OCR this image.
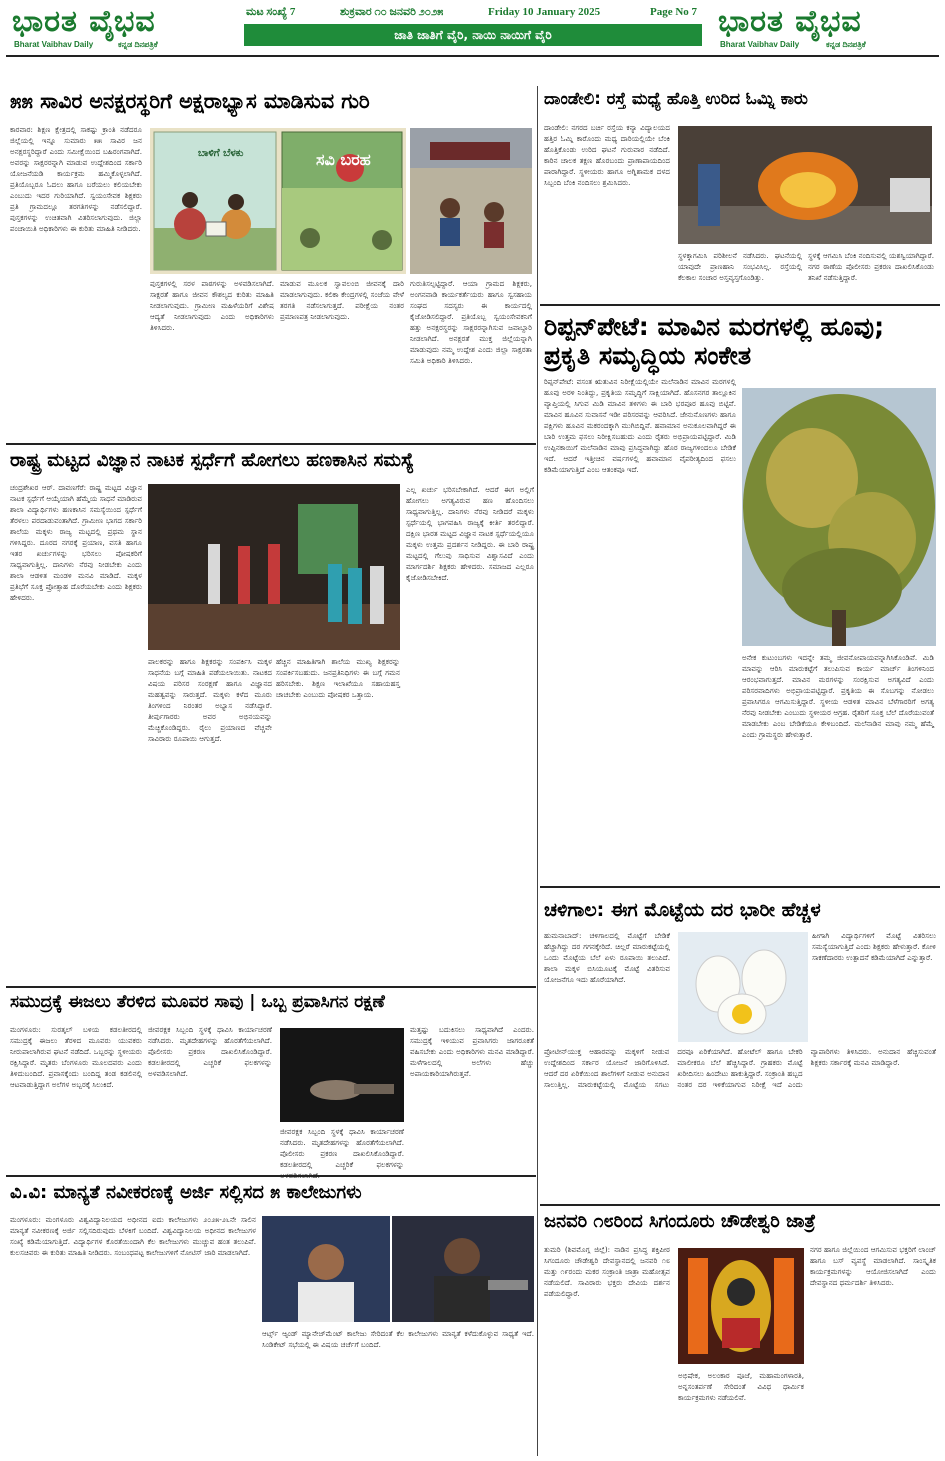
ಭಾರತ ವೈಭವ
Bharat Vaibhav Daily	ಕನ್ನಡ ದಿನಪತ್ರಿಕೆ
ಭಾರತ ವೈಭವ
Bharat Vaibhav Daily	ಕನ್ನಡ ದಿನಪತ್ರಿಕೆ
ಮಟ ಸಂಖ್ಯೆ 7	ಶುಕ್ರವಾರ ೧೦ ಜನವರಿ ೨೦೨೫	Friday 10 January 2025	Page No 7
ಜಾತಿ ಜಾತಿಗೆ ವೈರಿ, ನಾಯಿ ನಾಯಿಗೆ ವೈರಿ
೫೫ ಸಾವಿರ ಅನಕ್ಷರಸ್ಥರಿಗೆ ಅಕ್ಷರಾಭ್ಯಾಸ ಮಾಡಿಸುವ ಗುರಿ
ಕಾರವಾರ: ಶಿಕ್ಷಣ ಕ್ಷೇತ್ರದಲ್ಲಿ ಸಾಕಷ್ಟು ಕ್ರಾಂತಿ ನಡೆದರೂ ಜಿಲ್ಲೆಯಲ್ಲಿ ಇನ್ನೂ ಸುಮಾರು ೫೫ ಸಾವಿರ ಜನ ಅನಕ್ಷರಸ್ಥರಿದ್ದಾರೆ ಎಂದು ಸಮೀಕ್ಷೆಯಿಂದ ಬಹಿರಂಗವಾಗಿದೆ. ಅವರನ್ನು ಸಾಕ್ಷರರನ್ನಾಗಿ ಮಾಡುವ ಉದ್ದೇಶದಿಂದ ಸರ್ಕಾರಿ ಯೋಜನೆಯಡಿ ಕಾರ್ಯಕ್ರಮ ಹಮ್ಮಿಕೊಳ್ಳಲಾಗಿದೆ. ಪ್ರತಿಯೊಬ್ಬರೂ ಓದಲು ಹಾಗೂ ಬರೆಯಲು ಕಲಿಯಬೇಕು ಎಂಬುದು ಇದರ ಗುರಿಯಾಗಿದೆ. ಸ್ವಯಂಸೇವಕ ಶಿಕ್ಷಕರು ಪ್ರತಿ ಗ್ರಾಮದಲ್ಲೂ ತರಗತಿಗಳನ್ನು ನಡೆಸಲಿದ್ದಾರೆ. ಪುಸ್ತಕಗಳನ್ನು ಉಚಿತವಾಗಿ ವಿತರಿಸಲಾಗುವುದು. ಜಿಲ್ಲಾ ಪಂಚಾಯಿತಿ ಅಧಿಕಾರಿಗಳು ಈ ಕುರಿತು ಮಾಹಿತಿ ನೀಡಿದರು.
ಬಾಳಿಗೆ ಬೆಳಕು	ಸವಿ ಬರಹ
ಪುಸ್ತಕಗಳಲ್ಲಿ ಸರಳ ಪಾಠಗಳನ್ನು ಅಳವಡಿಸಲಾಗಿದೆ. ಸಾಕ್ಷರತೆ ಹಾಗೂ ಜೀವನ ಕೌಶಲ್ಯದ ಕುರಿತು ಮಾಹಿತಿ ನೀಡಲಾಗುವುದು. ಗ್ರಾಮೀಣ ಮಹಿಳೆಯರಿಗೆ ವಿಶೇಷ ಆದ್ಯತೆ ನೀಡಲಾಗುವುದು ಎಂದು ಅಧಿಕಾರಿಗಳು ತಿಳಿಸಿದರು.
ಮಾಡುವ ಮೂಲಕ ಸ್ವಾವಲಂಬಿ ಜೀವನಕ್ಕೆ ದಾರಿ ಮಾಡಲಾಗುವುದು. ಕಲಿಕಾ ಕೇಂದ್ರಗಳಲ್ಲಿ ಸಂಜೆಯ ವೇಳೆ ತರಗತಿ ನಡೆಸಲಾಗುತ್ತದೆ. ಪರೀಕ್ಷೆಯ ನಂತರ ಪ್ರಮಾಣಪತ್ರ ನೀಡಲಾಗುವುದು.
ಗುರುತಿಸಲ್ಪಟ್ಟಿದ್ದಾರೆ. ಆಯಾ ಗ್ರಾಮದ ಶಿಕ್ಷಕರು, ಅಂಗನವಾಡಿ ಕಾರ್ಯಕರ್ತೆಯರು ಹಾಗೂ ಸ್ವಸಹಾಯ ಸಂಘದ ಸದಸ್ಯರು ಈ ಕಾರ್ಯದಲ್ಲಿ ಕೈಜೋಡಿಸಲಿದ್ದಾರೆ. ಪ್ರತಿಯೊಬ್ಬ ಸ್ವಯಂಸೇವಕನಿಗೆ ಹತ್ತು ಅನಕ್ಷರಸ್ಥರನ್ನು ಸಾಕ್ಷರರನ್ನಾಗಿಸುವ ಜವಾಬ್ದಾರಿ ನೀಡಲಾಗಿದೆ. ಅನಕ್ಷರತೆ ಮುಕ್ತ ಜಿಲ್ಲೆಯನ್ನಾಗಿ ಮಾಡುವುದು ನಮ್ಮ ಉದ್ದೇಶ ಎಂದು ಜಿಲ್ಲಾ ಸಾಕ್ಷರತಾ ಸಮಿತಿ ಅಧಿಕಾರಿ ತಿಳಿಸಿದರು.
ರಾಷ್ಟ್ರ ಮಟ್ಟದ ವಿಜ್ಞಾನ ನಾಟಕ ಸ್ಪರ್ಧೆಗೆ ಹೋಗಲು ಹಣಕಾಸಿನ ಸಮಸ್ಯೆ
ಚಂದ್ರಶೇಖರ ಆರ್. ದಾವಣಗೆರೆ: ರಾಷ್ಟ್ರ ಮಟ್ಟದ ವಿಜ್ಞಾನ ನಾಟಕ ಸ್ಪರ್ಧೆಗೆ ಆಯ್ಕೆಯಾಗಿ ಹೆಮ್ಮೆಯ ಸಾಧನೆ ಮಾಡಿರುವ ಶಾಲಾ ವಿದ್ಯಾರ್ಥಿಗಳು ಹಣಕಾಸಿನ ಸಮಸ್ಯೆಯಿಂದ ಸ್ಪರ್ಧೆಗೆ ತೆರಳಲು ಪರದಾಡುವಂತಾಗಿದೆ. ಗ್ರಾಮೀಣ ಭಾಗದ ಸರ್ಕಾರಿ ಶಾಲೆಯ ಮಕ್ಕಳು ರಾಜ್ಯ ಮಟ್ಟದಲ್ಲಿ ಪ್ರಥಮ ಸ್ಥಾನ ಗಳಿಸಿದ್ದರು. ದೂರದ ನಗರಕ್ಕೆ ಪ್ರಯಾಣ, ವಸತಿ ಹಾಗೂ ಇತರ ಖರ್ಚುಗಳನ್ನು ಭರಿಸಲು ಪೋಷಕರಿಗೆ ಸಾಧ್ಯವಾಗುತ್ತಿಲ್ಲ. ದಾನಿಗಳು ನೆರವು ನೀಡಬೇಕು ಎಂದು ಶಾಲಾ ಆಡಳಿತ ಮಂಡಳಿ ಮನವಿ ಮಾಡಿದೆ. ಮಕ್ಕಳ ಪ್ರತಿಭೆಗೆ ಸೂಕ್ತ ಪ್ರೋತ್ಸಾಹ ದೊರೆಯಬೇಕು ಎಂದು ಶಿಕ್ಷಕರು ಹೇಳಿದರು.
ಪಾಲಕರನ್ನು ಹಾಗೂ ಶಿಕ್ಷಕರನ್ನು ಸಂಪರ್ಕಿಸಿ ಮಕ್ಕಳ ಸಾಧನೆಯ ಬಗ್ಗೆ ಮಾಹಿತಿ ಪಡೆಯಲಾಯಿತು. ನಾಟಕದ ವಿಷಯ ಪರಿಸರ ಸಂರಕ್ಷಣೆ ಹಾಗೂ ವಿಜ್ಞಾನದ ಮಹತ್ವವನ್ನು ಸಾರುತ್ತದೆ. ಮಕ್ಕಳು ಕಳೆದ ಮೂರು ತಿಂಗಳಿಂದ ನಿರಂತರ ಅಭ್ಯಾಸ ನಡೆಸಿದ್ದಾರೆ. ತೀರ್ಪುಗಾರರು ಅವರ ಅಭಿನಯವನ್ನು ಮೆಚ್ಚಿಕೊಂಡಿದ್ದರು. ರೈಲು ಪ್ರಯಾಣದ ವೆಚ್ಚವೇ ಸಾವಿರಾರು ರೂಪಾಯಿ ಆಗುತ್ತದೆ.
ಹೆಚ್ಚಿನ ಮಾಹಿತಿಗಾಗಿ ಶಾಲೆಯ ಮುಖ್ಯ ಶಿಕ್ಷಕರನ್ನು ಸಂಪರ್ಕಿಸಬಹುದು. ಜನಪ್ರತಿನಿಧಿಗಳು ಈ ಬಗ್ಗೆ ಗಮನ ಹರಿಸಬೇಕು. ಶಿಕ್ಷಣ ಇಲಾಖೆಯೂ ಸಹಾಯಹಸ್ತ ಚಾಚಬೇಕು ಎಂಬುದು ಪೋಷಕರ ಒತ್ತಾಯ.
ಎಲ್ಲ ಖರ್ಚು ಭರಿಸಬೇಕಾಗಿದೆ. ಆದರೆ ಈಗ ಅಲ್ಲಿಗೆ ಹೋಗಲು ಅಗತ್ಯವಿರುವ ಹಣ ಹೊಂದಿಸಲು ಸಾಧ್ಯವಾಗುತ್ತಿಲ್ಲ. ದಾನಿಗಳು ನೆರವು ನೀಡಿದರೆ ಮಕ್ಕಳು ಸ್ಪರ್ಧೆಯಲ್ಲಿ ಭಾಗವಹಿಸಿ ರಾಜ್ಯಕ್ಕೆ ಕೀರ್ತಿ ತರಲಿದ್ದಾರೆ. ದಕ್ಷಿಣ ಭಾರತ ಮಟ್ಟದ ವಿಜ್ಞಾನ ನಾಟಕ ಸ್ಪರ್ಧೆಯಲ್ಲಿಯೂ ಮಕ್ಕಳು ಉತ್ತಮ ಪ್ರದರ್ಶನ ನೀಡಿದ್ದರು. ಈ ಬಾರಿ ರಾಷ್ಟ್ರ ಮಟ್ಟದಲ್ಲಿ ಗೆಲುವು ಸಾಧಿಸುವ ವಿಶ್ವಾಸವಿದೆ ಎಂದು ಮಾರ್ಗದರ್ಶಿ ಶಿಕ್ಷಕರು ಹೇಳಿದರು. ಸಮಾಜದ ಎಲ್ಲರೂ ಕೈಜೋಡಿಸಬೇಕಿದೆ.
ಸಮುದ್ರಕ್ಕೆ ಈಜಲು ತೆರಳಿದ ಮೂವರ ಸಾವು | ಒಬ್ಬ ಪ್ರವಾಸಿಗನ ರಕ್ಷಣೆ
ಮಂಗಳೂರು: ಸುರತ್ಕಲ್ ಬಳಿಯ ಕಡಲತೀರದಲ್ಲಿ ಸಮುದ್ರಕ್ಕೆ ಈಜಲು ತೆರಳಿದ ಮೂವರು ಯುವಕರು ನೀರುಪಾಲಾಗಿರುವ ಘಟನೆ ನಡೆದಿದೆ. ಒಬ್ಬರನ್ನು ಸ್ಥಳೀಯರು ರಕ್ಷಿಸಿದ್ದಾರೆ. ಮೃತರು ಬೆಂಗಳೂರು ಮೂಲದವರು ಎಂದು ತಿಳಿದುಬಂದಿದೆ. ಪ್ರವಾಸಕ್ಕೆಂದು ಬಂದಿದ್ದ ತಂಡ ಕಡಲಿನಲ್ಲಿ ಆಟವಾಡುತ್ತಿದ್ದಾಗ ಅಲೆಗಳ ಅಬ್ಬರಕ್ಕೆ ಸಿಲುಕಿದೆ.
ಜೀವರಕ್ಷಕ ಸಿಬ್ಬಂದಿ ಸ್ಥಳಕ್ಕೆ ಧಾವಿಸಿ ಕಾರ್ಯಾಚರಣೆ ನಡೆಸಿದರು. ಮೃತದೇಹಗಳನ್ನು ಹೊರತೆಗೆಯಲಾಗಿದೆ. ಪೊಲೀಸರು ಪ್ರಕರಣ ದಾಖಲಿಸಿಕೊಂಡಿದ್ದಾರೆ. ಕಡಲತೀರದಲ್ಲಿ ಎಚ್ಚರಿಕೆ ಫಲಕಗಳನ್ನು ಅಳವಡಿಸಲಾಗಿದೆ.
ಜೀವರಕ್ಷಕ ಸಿಬ್ಬಂದಿ ಸ್ಥಳಕ್ಕೆ ಧಾವಿಸಿ ಕಾರ್ಯಾಚರಣೆ ನಡೆಸಿದರು. ಮೃತದೇಹಗಳನ್ನು ಹೊರತೆಗೆಯಲಾಗಿದೆ. ಪೊಲೀಸರು ಪ್ರಕರಣ ದಾಖಲಿಸಿಕೊಂಡಿದ್ದಾರೆ. ಕಡಲತೀರದಲ್ಲಿ ಎಚ್ಚರಿಕೆ ಫಲಕಗಳನ್ನು
ಮತ್ತಷ್ಟು ಬದುಕಿಸಲು ಸಾಧ್ಯವಾಗಿದೆ ಎಂದರು. ಸಮುದ್ರಕ್ಕೆ ಇಳಿಯುವ ಪ್ರವಾಸಿಗರು ಜಾಗರೂಕತೆ ವಹಿಸಬೇಕು ಎಂದು ಅಧಿಕಾರಿಗಳು ಮನವಿ ಮಾಡಿದ್ದಾರೆ. ಮಳೆಗಾಲದಲ್ಲಿ ಅಲೆಗಳು ಹೆಚ್ಚು ಅಪಾಯಕಾರಿಯಾಗಿರುತ್ತವೆ.
ವಿ.ವಿ: ಮಾನ್ಯತೆ ನವೀಕರಣಕ್ಕೆ ಅರ್ಜಿ ಸಲ್ಲಿಸದ ೫ ಕಾಲೇಜುಗಳು
ಮಂಗಳೂರು: ಮಂಗಳೂರು ವಿಶ್ವವಿದ್ಯಾನಿಲಯದ ಅಧೀನದ ಐದು ಕಾಲೇಜುಗಳು ೨೦೨೫-೨೬ನೇ ಸಾಲಿನ ಮಾನ್ಯತೆ ನವೀಕರಣಕ್ಕೆ ಅರ್ಜಿ ಸಲ್ಲಿಸದಿರುವುದು ಬೆಳಕಿಗೆ ಬಂದಿದೆ. ವಿಶ್ವವಿದ್ಯಾನಿಲಯ ಅಧೀನದ ಕಾಲೇಜುಗಳ ಸಂಖ್ಯೆ ಕಡಿಮೆಯಾಗುತ್ತಿದೆ. ವಿದ್ಯಾರ್ಥಿಗಳ ಕೊರತೆಯಿಂದಾಗಿ ಕೆಲ ಕಾಲೇಜುಗಳು ಮುಚ್ಚುವ ಹಂತ ತಲುಪಿವೆ. ಕುಲಸಚಿವರು ಈ ಕುರಿತು ಮಾಹಿತಿ ನೀಡಿದರು. ಸಂಬಂಧಪಟ್ಟ ಕಾಲೇಜುಗಳಿಗೆ ನೋಟಿಸ್ ಜಾರಿ ಮಾಡಲಾಗಿದೆ.
ಆರ್ಟ್ಸ್ ಆ್ಯಂಡ್ ಮ್ಯಾನೇಜ್‌ಮೆಂಟ್ ಕಾಲೇಜು ಸೇರಿದಂತೆ ಕೆಲ ಕಾಲೇಜುಗಳು ಮಾನ್ಯತೆ ಕಳೆದುಕೊಳ್ಳುವ ಸಾಧ್ಯತೆ ಇದೆ. ಸಿಂಡಿಕೇಟ್ ಸಭೆಯಲ್ಲಿ ಈ ವಿಷಯ ಚರ್ಚೆಗೆ ಬಂದಿದೆ.
ದಾಂಡೇಲಿ: ರಸ್ತೆ ಮಧ್ಯೆ ಹೊತ್ತಿ ಉರಿದ ಓಮ್ನಿ ಕಾರು
ದಾಂಡೇಲಿ: ನಗರದ ಬರ್ಚಿ ರಸ್ತೆಯ ಕನ್ಯಾ ವಿದ್ಯಾಲಯದ ಹತ್ತಿರ ಓಮ್ನಿ ಕಾರೊಂದು ಮಧ್ಯ ದಾರಿಯಲ್ಲಿಯೇ ಬೆಂಕಿ ಹೊತ್ತಿಕೊಂಡು ಉರಿದ ಘಟನೆ ಗುರುವಾರ ನಡೆದಿದೆ. ಕಾರಿನ ಚಾಲಕ ತಕ್ಷಣ ಹೊರಬಂದು ಪ್ರಾಣಾಪಾಯದಿಂದ ಪಾರಾಗಿದ್ದಾರೆ. ಸ್ಥಳೀಯರು ಹಾಗೂ ಅಗ್ನಿಶಾಮಕ ದಳದ ಸಿಬ್ಬಂದಿ ಬೆಂಕಿ ನಂದಿಸಲು ಶ್ರಮಿಸಿದರು.
ಸ್ಥಳಕ್ಕಾಗಮಿಸಿ ಪರಿಶೀಲನೆ ನಡೆಸಿದರು. ಘಟನೆಯಲ್ಲಿ ಯಾವುದೇ ಪ್ರಾಣಹಾನಿ ಸಂಭವಿಸಿಲ್ಲ. ರಸ್ತೆಯಲ್ಲಿ ಕೆಲಕಾಲ ಸಂಚಾರ ಅಸ್ತವ್ಯಸ್ತಗೊಂಡಿತ್ತು.
ಸ್ಥಳಕ್ಕೆ ಆಗಮಿಸಿ ಬೆಂಕಿ ನಂದಿಸುವಲ್ಲಿ ಯಶಸ್ವಿಯಾಗಿದ್ದಾರೆ. ನಗರ ಠಾಣೆಯ ಪೊಲೀಸರು ಪ್ರಕರಣ ದಾಖಲಿಸಿಕೊಂಡು ತನಿಖೆ ನಡೆಸುತ್ತಿದ್ದಾರೆ.
ರಿಪ್ಪನ್‌ಪೇಟೆ: ಮಾವಿನ ಮರಗಳಲ್ಲಿ ಹೂವು; ಪ್ರಕೃತಿ ಸಮೃದ್ಧಿಯ ಸಂಕೇತ
ರಿಪ್ಪನ್‌ಪೇಟೆ: ವಸಂತ ಋತುವಿನ ನಿರೀಕ್ಷೆಯಲ್ಲಿಯೇ ಮಲೆನಾಡಿನ ಮಾವಿನ ಮರಗಳಲ್ಲಿ ಹೂವು ಅರಳಿ ನಿಂತಿದ್ದು, ಪ್ರಕೃತಿಯ ಸಮೃದ್ಧಿಗೆ ಸಾಕ್ಷಿಯಾಗಿದೆ. ಹೊಸನಗರ ತಾಲ್ಲೂಕಿನ ವ್ಯಾಪ್ತಿಯಲ್ಲಿ ಸಿಗುವ ಮಿಡಿ ಮಾವಿನ ತಳಿಗಳು ಈ ಬಾರಿ ಭರಪೂರ ಹೂವು ಬಿಟ್ಟಿವೆ. ಮಾವಿನ ಹೂವಿನ ಸುವಾಸನೆ ಇಡೀ ಪರಿಸರವನ್ನು ಆವರಿಸಿದೆ. ಜೇನುನೊಣಗಳು ಹಾಗೂ ಪಕ್ಷಿಗಳು ಹೂವಿನ ಮಕರಂದಕ್ಕಾಗಿ ಮುಗಿಬಿದ್ದಿವೆ. ಹವಾಮಾನ ಅನುಕೂಲವಾಗಿದ್ದರೆ ಈ ಬಾರಿ ಉತ್ತಮ ಫಸಲು ನಿರೀಕ್ಷಿಸಬಹುದು ಎಂದು ರೈತರು ಅಭಿಪ್ರಾಯಪಟ್ಟಿದ್ದಾರೆ. ಮಿಡಿ ಉಪ್ಪಿನಕಾಯಿಗೆ ಮಲೆನಾಡಿನ ಮಾವು ಪ್ರಸಿದ್ಧವಾಗಿದ್ದು ಹೊರ ರಾಜ್ಯಗಳಿಂದಲೂ ಬೇಡಿಕೆ ಇದೆ. ಆದರೆ ಇತ್ತೀಚಿನ ವರ್ಷಗಳಲ್ಲಿ ಹವಾಮಾನ ವೈಪರೀತ್ಯದಿಂದ ಫಸಲು ಕಡಿಮೆಯಾಗುತ್ತಿದೆ ಎಂಬ ಆತಂಕವೂ ಇದೆ.
ಅನೇಕ ಕುಟುಂಬಗಳು ಇದನ್ನೇ ತಮ್ಮ ಜೀವನೋಪಾಯವನ್ನಾಗಿಸಿಕೊಂಡಿವೆ. ಮಿಡಿ ಮಾವನ್ನು ಆರಿಸಿ ಮಾರುಕಟ್ಟೆಗೆ ತಲುಪಿಸುವ ಕಾರ್ಯ ಮಾರ್ಚ್ ತಿಂಗಳಿನಿಂದ ಆರಂಭವಾಗುತ್ತದೆ. ಮಾವಿನ ಮರಗಳನ್ನು ಸಂರಕ್ಷಿಸುವ ಅಗತ್ಯವಿದೆ ಎಂದು ಪರಿಸರವಾದಿಗಳು ಅಭಿಪ್ರಾಯಪಟ್ಟಿದ್ದಾರೆ. ಪ್ರಕೃತಿಯ ಈ ಸೊಬಗನ್ನು ನೋಡಲು ಪ್ರವಾಸಿಗರೂ ಆಗಮಿಸುತ್ತಿದ್ದಾರೆ. ಸ್ಥಳೀಯ ಆಡಳಿತ ಮಾವಿನ ಬೆಳೆಗಾರರಿಗೆ ಅಗತ್ಯ ನೆರವು ನೀಡಬೇಕು ಎಂಬುದು ಸ್ಥಳೀಯರ ಆಗ್ರಹ. ರೈತರಿಗೆ ಸೂಕ್ತ ಬೆಲೆ ದೊರೆಯುವಂತೆ ಮಾಡಬೇಕು ಎಂಬ ಬೇಡಿಕೆಯೂ ಕೇಳಿಬಂದಿದೆ. ಮಲೆನಾಡಿನ ಮಾವು ನಮ್ಮ ಹೆಮ್ಮೆ ಎಂದು ಗ್ರಾಮಸ್ಥರು ಹೇಳುತ್ತಾರೆ.
ಚಳಿಗಾಲ: ಈಗ ಮೊಟ್ಟೆಯ ದರ ಭಾರೀ ಹೆಚ್ಚಳ
ಹುಮನಾಬಾದ್: ಚಳಿಗಾಲದಲ್ಲಿ ಮೊಟ್ಟೆಗೆ ಬೇಡಿಕೆ ಹೆಚ್ಚಾಗಿದ್ದು ದರ ಗಗನಕ್ಕೇರಿದೆ. ಚಿಲ್ಲರೆ ಮಾರುಕಟ್ಟೆಯಲ್ಲಿ ಒಂದು ಮೊಟ್ಟೆಯ ಬೆಲೆ ಏಳು ರೂಪಾಯಿ ತಲುಪಿದೆ. ಶಾಲಾ ಮಕ್ಕಳ ಬಿಸಿಯೂಟಕ್ಕೆ ಮೊಟ್ಟೆ ವಿತರಿಸುವ ಯೋಜನೆಗೂ ಇದು ಹೊರೆಯಾಗಿದೆ.
ಹೀಗಾಗಿ ವಿದ್ಯಾರ್ಥಿಗಳಿಗೆ ಮೊಟ್ಟೆ ವಿತರಿಸಲು ಸಮಸ್ಯೆಯಾಗುತ್ತಿದೆ ಎಂದು ಶಿಕ್ಷಕರು ಹೇಳುತ್ತಾರೆ. ಕೋಳಿ ಸಾಕಣೆದಾರರು ಉತ್ಪಾದನೆ ಕಡಿಮೆಯಾಗಿದೆ ಎನ್ನುತ್ತಾರೆ.
ಪ್ರೋಟೀನ್‌ಯುಕ್ತ ಆಹಾರವನ್ನು ಮಕ್ಕಳಿಗೆ ನೀಡುವ ಉದ್ದೇಶದಿಂದ ಸರ್ಕಾರ ಯೋಜನೆ ಜಾರಿಗೊಳಿಸಿದೆ. ಆದರೆ ದರ ಏರಿಕೆಯಿಂದ ಶಾಲೆಗಳಿಗೆ ನೀಡುವ ಅನುದಾನ ಸಾಲುತ್ತಿಲ್ಲ. ಮಾರುಕಟ್ಟೆಯಲ್ಲಿ ಮೊಟ್ಟೆಯ ಸಗಟು ದರವೂ ಏರಿಕೆಯಾಗಿದೆ. ಹೋಟೆಲ್ ಹಾಗೂ ಬೇಕರಿ ಮಾಲೀಕರೂ ಬೆಲೆ ಹೆಚ್ಚಿಸಿದ್ದಾರೆ. ಗ್ರಾಹಕರು ಮೊಟ್ಟೆ ಖರೀದಿಸಲು ಹಿಂದೇಟು ಹಾಕುತ್ತಿದ್ದಾರೆ. ಸಂಕ್ರಾಂತಿ ಹಬ್ಬದ ನಂತರ ದರ ಇಳಿಕೆಯಾಗುವ ನಿರೀಕ್ಷೆ ಇದೆ ಎಂದು ವ್ಯಾಪಾರಿಗಳು ತಿಳಿಸಿದರು. ಅನುದಾನ ಹೆಚ್ಚಿಸುವಂತೆ ಶಿಕ್ಷಕರು ಸರ್ಕಾರಕ್ಕೆ ಮನವಿ ಮಾಡಿದ್ದಾರೆ.
ಜನವರಿ ೧೮ರಿಂದ ಸಿಗಂದೂರು ಚೌಡೇಶ್ವರಿ ಜಾತ್ರೆ
ತುಮರಿ (ಶಿವಮೊಗ್ಗ ಜಿಲ್ಲೆ): ನಾಡಿನ ಪ್ರಸಿದ್ಧ ಶಕ್ತಿಪೀಠ ಸಿಗಂದೂರು ಚೌಡೇಶ್ವರಿ ದೇವಸ್ಥಾನದಲ್ಲಿ ಜನವರಿ ೧೮ ಮತ್ತು ೧೯ರಂದು ಮಕರ ಸಂಕ್ರಾಂತಿ ಜಾತ್ರಾ ಮಹೋತ್ಸವ ನಡೆಯಲಿದೆ. ಸಾವಿರಾರು ಭಕ್ತರು ದೇವಿಯ ದರ್ಶನ ಪಡೆಯಲಿದ್ದಾರೆ.
ಅಭಿಷೇಕ, ಅಲಂಕಾರ ಪೂಜೆ, ಮಹಾಮಂಗಳಾರತಿ, ಅನ್ನಸಂತರ್ಪಣೆ ಸೇರಿದಂತೆ ವಿವಿಧ ಧಾರ್ಮಿಕ ಕಾರ್ಯಕ್ರಮಗಳು ನಡೆಯಲಿವೆ.
ನಗರ ಹಾಗೂ ಜಿಲ್ಲೆಯಿಂದ ಆಗಮಿಸುವ ಭಕ್ತರಿಗೆ ಲಾಂಚ್ ಹಾಗೂ ಬಸ್ ವ್ಯವಸ್ಥೆ ಮಾಡಲಾಗಿದೆ. ಸಾಂಸ್ಕೃತಿಕ ಕಾರ್ಯಕ್ರಮಗಳನ್ನು ಆಯೋಜಿಸಲಾಗಿದೆ ಎಂದು ದೇವಸ್ಥಾನದ ಧರ್ಮದರ್ಶಿ ತಿಳಿಸಿದರು.
